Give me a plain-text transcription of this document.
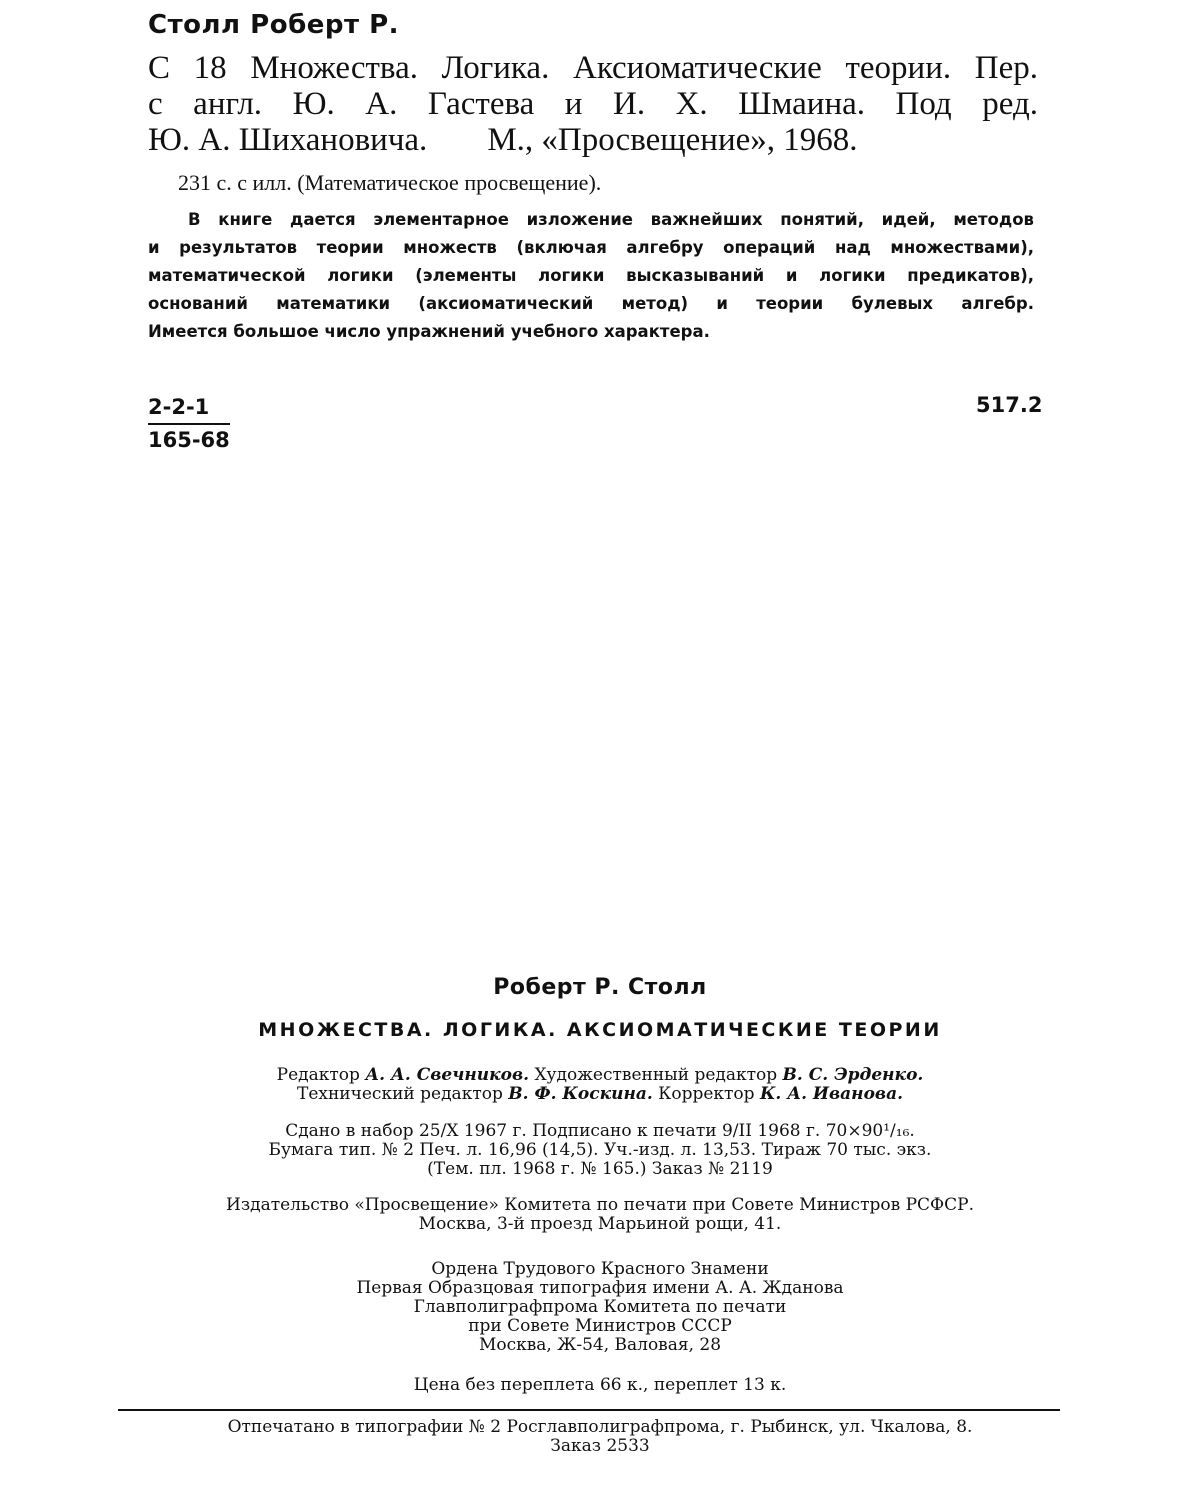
Столл Роберт Р.
С 18 Множества. Логика. Аксиоматические теории. Пер.
с англ. Ю. А. Гастева и И. Х. Шмаина. Под ред.
Ю. А. Шихановича. М., «Просвещение», 1968.
231 с. с илл. (Математическое просвещение).
В книге дается элементарное изложение важнейших понятий, идей, методов
и результатов теории множеств (включая алгебру операций над множествами),
математической логики (элементы логики высказываний и логики предикатов),
оснований математики (аксиоматический метод) и теории булевых алгебр.
Имеется большое число упражнений учебного характера.
$\frac{2-2-1}{165-68}$	517.2
Роберт Р. Столл
МНОЖЕСТВА. ЛОГИКА. АКСИОМАТИЧЕСКИЕ ТЕОРИИ
Редактор А. А. Свечников. Художественный редактор В. С. Эрденко.
Технический редактор В. Ф. Коскина. Корректор К. А. Иванова.
Сдано в набор 25/X 1967 г. Подписано к печати 9/II 1968 г. 70×90¹/₁₆.
Бумага тип. № 2 Печ. л. 16,96 (14,5). Уч.-изд. л. 13,53. Тираж 70 тыс. экз.
(Тем. пл. 1968 г. № 165.) Заказ № 2119
Издательство «Просвещение» Комитета по печати при Совете Министров РСФСР.
Москва, 3-й проезд Марьиной рощи, 41.
Ордена Трудового Красного Знамени
Первая Образцовая типография имени А. А. Жданова
Главполиграфпрома Комитета по печати
при Совете Министров СССР
Москва, Ж-54, Валовая, 28
Цена без переплета 66 к., переплет 13 к.
Отпечатано в типографии № 2 Росглавполиграфпрома, г. Рыбинск, ул. Чкалова, 8.
Заказ 2533
